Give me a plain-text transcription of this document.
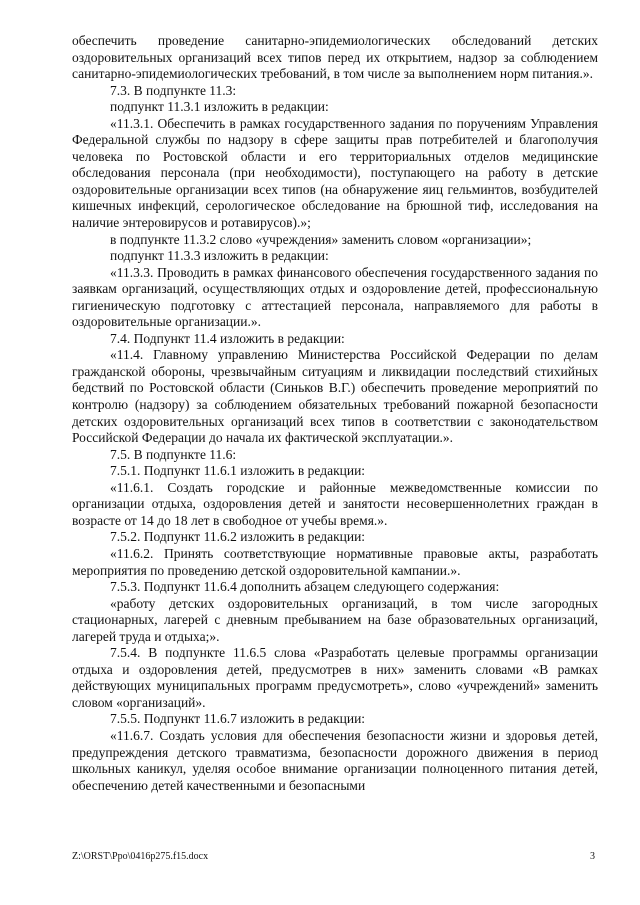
обеспечить проведение санитарно-эпидемиологических обследований детских оздоровительных организаций всех типов перед их открытием, надзор за соблюдением санитарно-эпидемиологических требований, в том числе за выполнением норм питания.».

7.3. В подпункте 11.3:

подпункт 11.3.1 изложить в редакции:

«11.3.1. Обеспечить в рамках государственного задания по поручениям Управления Федеральной службы по надзору в сфере защиты прав потребителей и благополучия человека по Ростовской области и его территориальных отделов медицинские обследования персонала (при необходимости), поступающего на работу в детские оздоровительные организации всех типов (на обнаружение яиц гельминтов, возбудителей кишечных инфекций, серологическое обследование на брюшной тиф, исследования на наличие энтеровирусов и ротавирусов).»;

в подпункте 11.3.2 слово «учреждения» заменить словом «организации»;

подпункт 11.3.3 изложить в редакции:

«11.3.3. Проводить в рамках финансового обеспечения государственного задания по заявкам организаций, осуществляющих отдых и оздоровление детей, профессиональную гигиеническую подготовку с аттестацией персонала, направляемого для работы в оздоровительные организации.».

7.4. Подпункт 11.4 изложить в редакции:

«11.4. Главному управлению Министерства Российской Федерации по делам гражданской обороны, чрезвычайным ситуациям и ликвидации последствий стихийных бедствий по Ростовской области (Синьков В.Г.) обеспечить проведение мероприятий по контролю (надзору) за соблюдением обязательных требований пожарной безопасности детских оздоровительных организаций всех типов в соответствии с законодательством Российской Федерации до начала их фактической эксплуатации.».

7.5. В подпункте 11.6:

7.5.1. Подпункт 11.6.1 изложить в редакции:

«11.6.1. Создать городские и районные межведомственные комиссии по организации отдыха, оздоровления детей и занятости несовершеннолетних граждан в возрасте от 14 до 18 лет в свободное от учебы время.».

7.5.2. Подпункт 11.6.2 изложить в редакции:

«11.6.2. Принять соответствующие нормативные правовые акты, разработать мероприятия по проведению детской оздоровительной кампании.».

7.5.3. Подпункт 11.6.4 дополнить абзацем следующего содержания:

«работу детских оздоровительных организаций, в том числе загородных стационарных, лагерей с дневным пребыванием на базе образовательных организаций, лагерей труда и отдыха;».

7.5.4. В подпункте 11.6.5 слова «Разработать целевые программы организации отдыха и оздоровления детей, предусмотрев в них» заменить словами «В рамках действующих муниципальных программ предусмотреть», слово «учреждений» заменить словом «организаций».

7.5.5. Подпункт 11.6.7 изложить в редакции:

«11.6.7. Создать условия для обеспечения безопасности жизни и здоровья детей, предупреждения детского травматизма, безопасности дорожного движения в период школьных каникул, уделяя особое внимание организации полноценного питания детей, обеспечению детей качественными и безопасными

Z:\ORST\Ppo\0416p275.f15.docx	3
